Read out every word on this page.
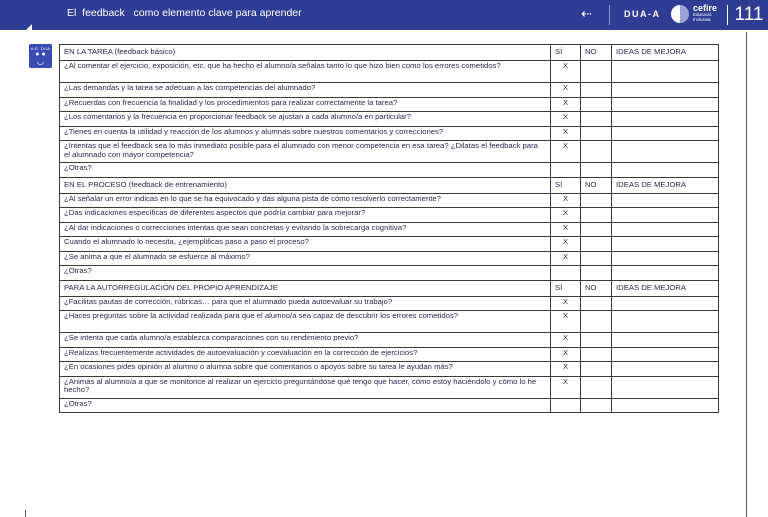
El  feedback   como elemento clave para aprender	⇠	DUA-A
cefire
Educació
Inclusiva	111
A.E. DUA
● ●
◡
EN LA TAREA (feedback básico)	SÍ	NO	IDEAS DE MEJORA
¿Al comentar el ejercicio, exposición, etc. que ha hecho el alumno/a señalas tanto lo que hizo bien como los errores cometidos?	X		
¿Las demandas y la tarea se adecuan a las competencias del alumnado?	X		
¿Recuerdas con frecuencia la finalidad y los procedimientos para realizar correctamente la tarea?	X		
¿Los comentarios y la frecuencia en proporcionar feedback se ajustan a cada alumno/a en particular?	X		
¿Tienes en cuenta la utilidad y reacción de los alumnos y alumnas sobre nuestros comentarios y correcciones?	X		
¿Intentas que el feedback sea lo más inmediato posible para el alumnado con menor competencia en esa tarea? ¿Dilatas el feedback para el alumnado con mayor competencia?	X		
¿Otras?			
EN EL PROCESO (feedback de entrenamiento)	SÍ	NO	IDEAS DE MEJORA
¿Al señalar un error indicas en lo que se ha equivocado y das alguna pista de cómo resolverlo correctamente?	X		
¿Das indicaciones específicas de diferentes aspectos que podría cambiar para mejorar?	X		
¿Al dar indicaciones o correcciones intentas que sean concretas y evitando la sobrecarga cognitiva?	X		
Cuando el alumnado lo necesita, ¿ejemplificas paso a paso el proceso?	X		
¿Se anima a que el alumnado se esfuerce al máximo?	X		
¿Otras?			
PARA LA AUTORREGULACIÓN DEL PROPIO APRENDIZAJE	SÍ	NO	IDEAS DE MEJORA
¿Facilitas pautas de corrección, rúbricas… para que el alumnado pueda autoevaluar su trabajo?	X		
¿Haces preguntas sobre la actividad realizada para que el alumno/a sea capaz de descubrir los errores cometidos?	X		
¿Se intenta que cada alumno/a establezca comparaciones con su rendimiento previo?	X		
¿Realizas frecuentemente actividades de autoevaluación y coevaluación en la corrección de ejercicios?	X		
¿En ocasiones pides opinión al alumno o alumna sobre qué comentarios o apoyos sobre su tarea le ayudan más?	X		
¿Animas al alumno/a a que se monitorice al realizar un ejercicio preguntándose qué tengo que hacer, cómo estoy haciéndolo y cómo lo he hecho?	X		
¿Otras?			
